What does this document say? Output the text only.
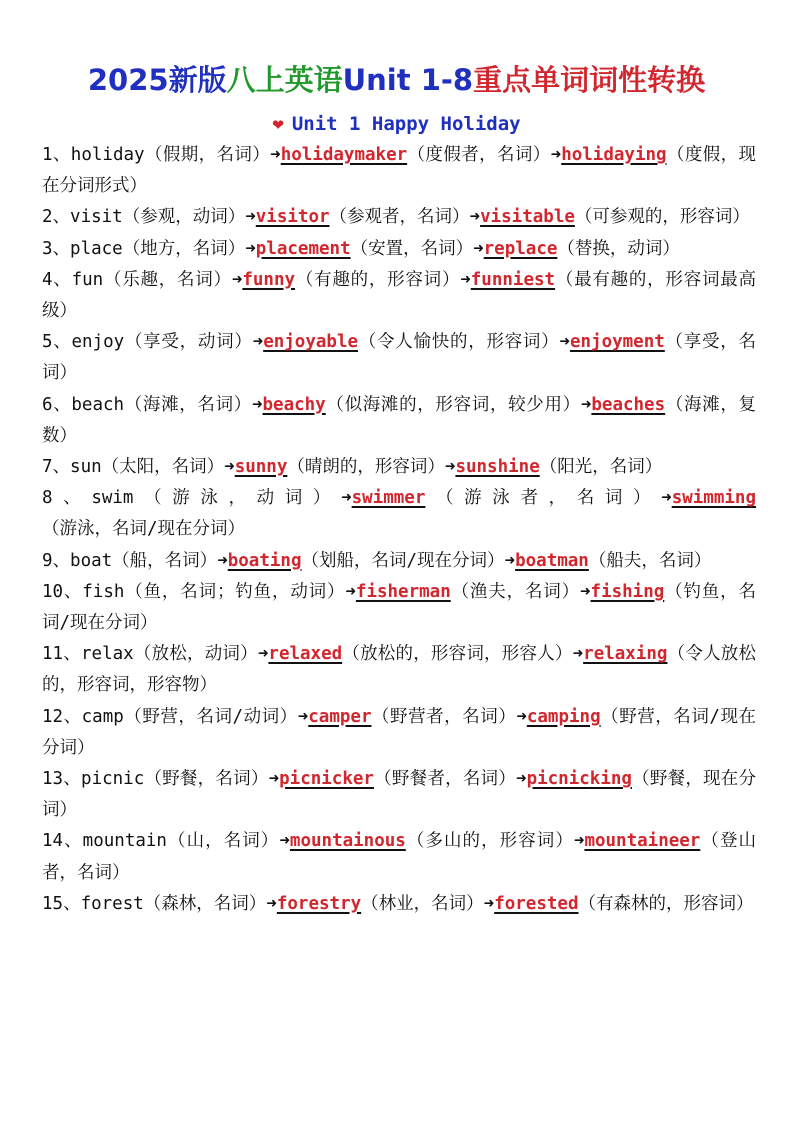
2025新版八上英语Unit 1-8重点单词词性转换
❤ Unit 1 Happy Holiday

1、holiday（假期，名词）➜holidaymaker（度假者，名词）➜holidaying（度假，现在分词形式）

2、visit（参观，动词）➜visitor（参观者，名词）➜visitable（可参观的，形容词）

3、place（地方，名词）➜placement（安置，名词）➜replace（替换，动词）

4、fun（乐趣，名词）➜funny（有趣的，形容词）➜funniest（最有趣的，形容词最高级）

5、enjoy（享受，动词）➜enjoyable（令人愉快的，形容词）➜enjoyment（享受，名词）

6、beach（海滩，名词）➜beachy（似海滩的，形容词，较少用）➜beaches（海滩，复数）

7、sun（太阳，名词）➜sunny（晴朗的，形容词）➜sunshine（阳光，名词）

8、swim（游泳，动词）➜swimmer（游泳者，名词）➜swimming（游泳，名词/现在分词）

9、boat（船，名词）➜boating（划船，名词/现在分词）➜boatman（船夫，名词）

10、fish（鱼，名词；钓鱼，动词）➜fisherman（渔夫，名词）➜fishing（钓鱼，名词/现在分词）

11、relax（放松，动词）➜relaxed（放松的，形容词，形容人）➜relaxing（令人放松的，形容词，形容物）

12、camp（野营，名词/动词）➜camper（野营者，名词）➜camping（野营，名词/现在分词）

13、picnic（野餐，名词）➜picnicker（野餐者，名词）➜picnicking（野餐，现在分词）

14、mountain（山，名词）➜mountainous（多山的，形容词）➜mountaineer（登山者，名词）

15、forest（森林，名词）➜forestry（林业，名词）➜forested（有森林的，形容词）
